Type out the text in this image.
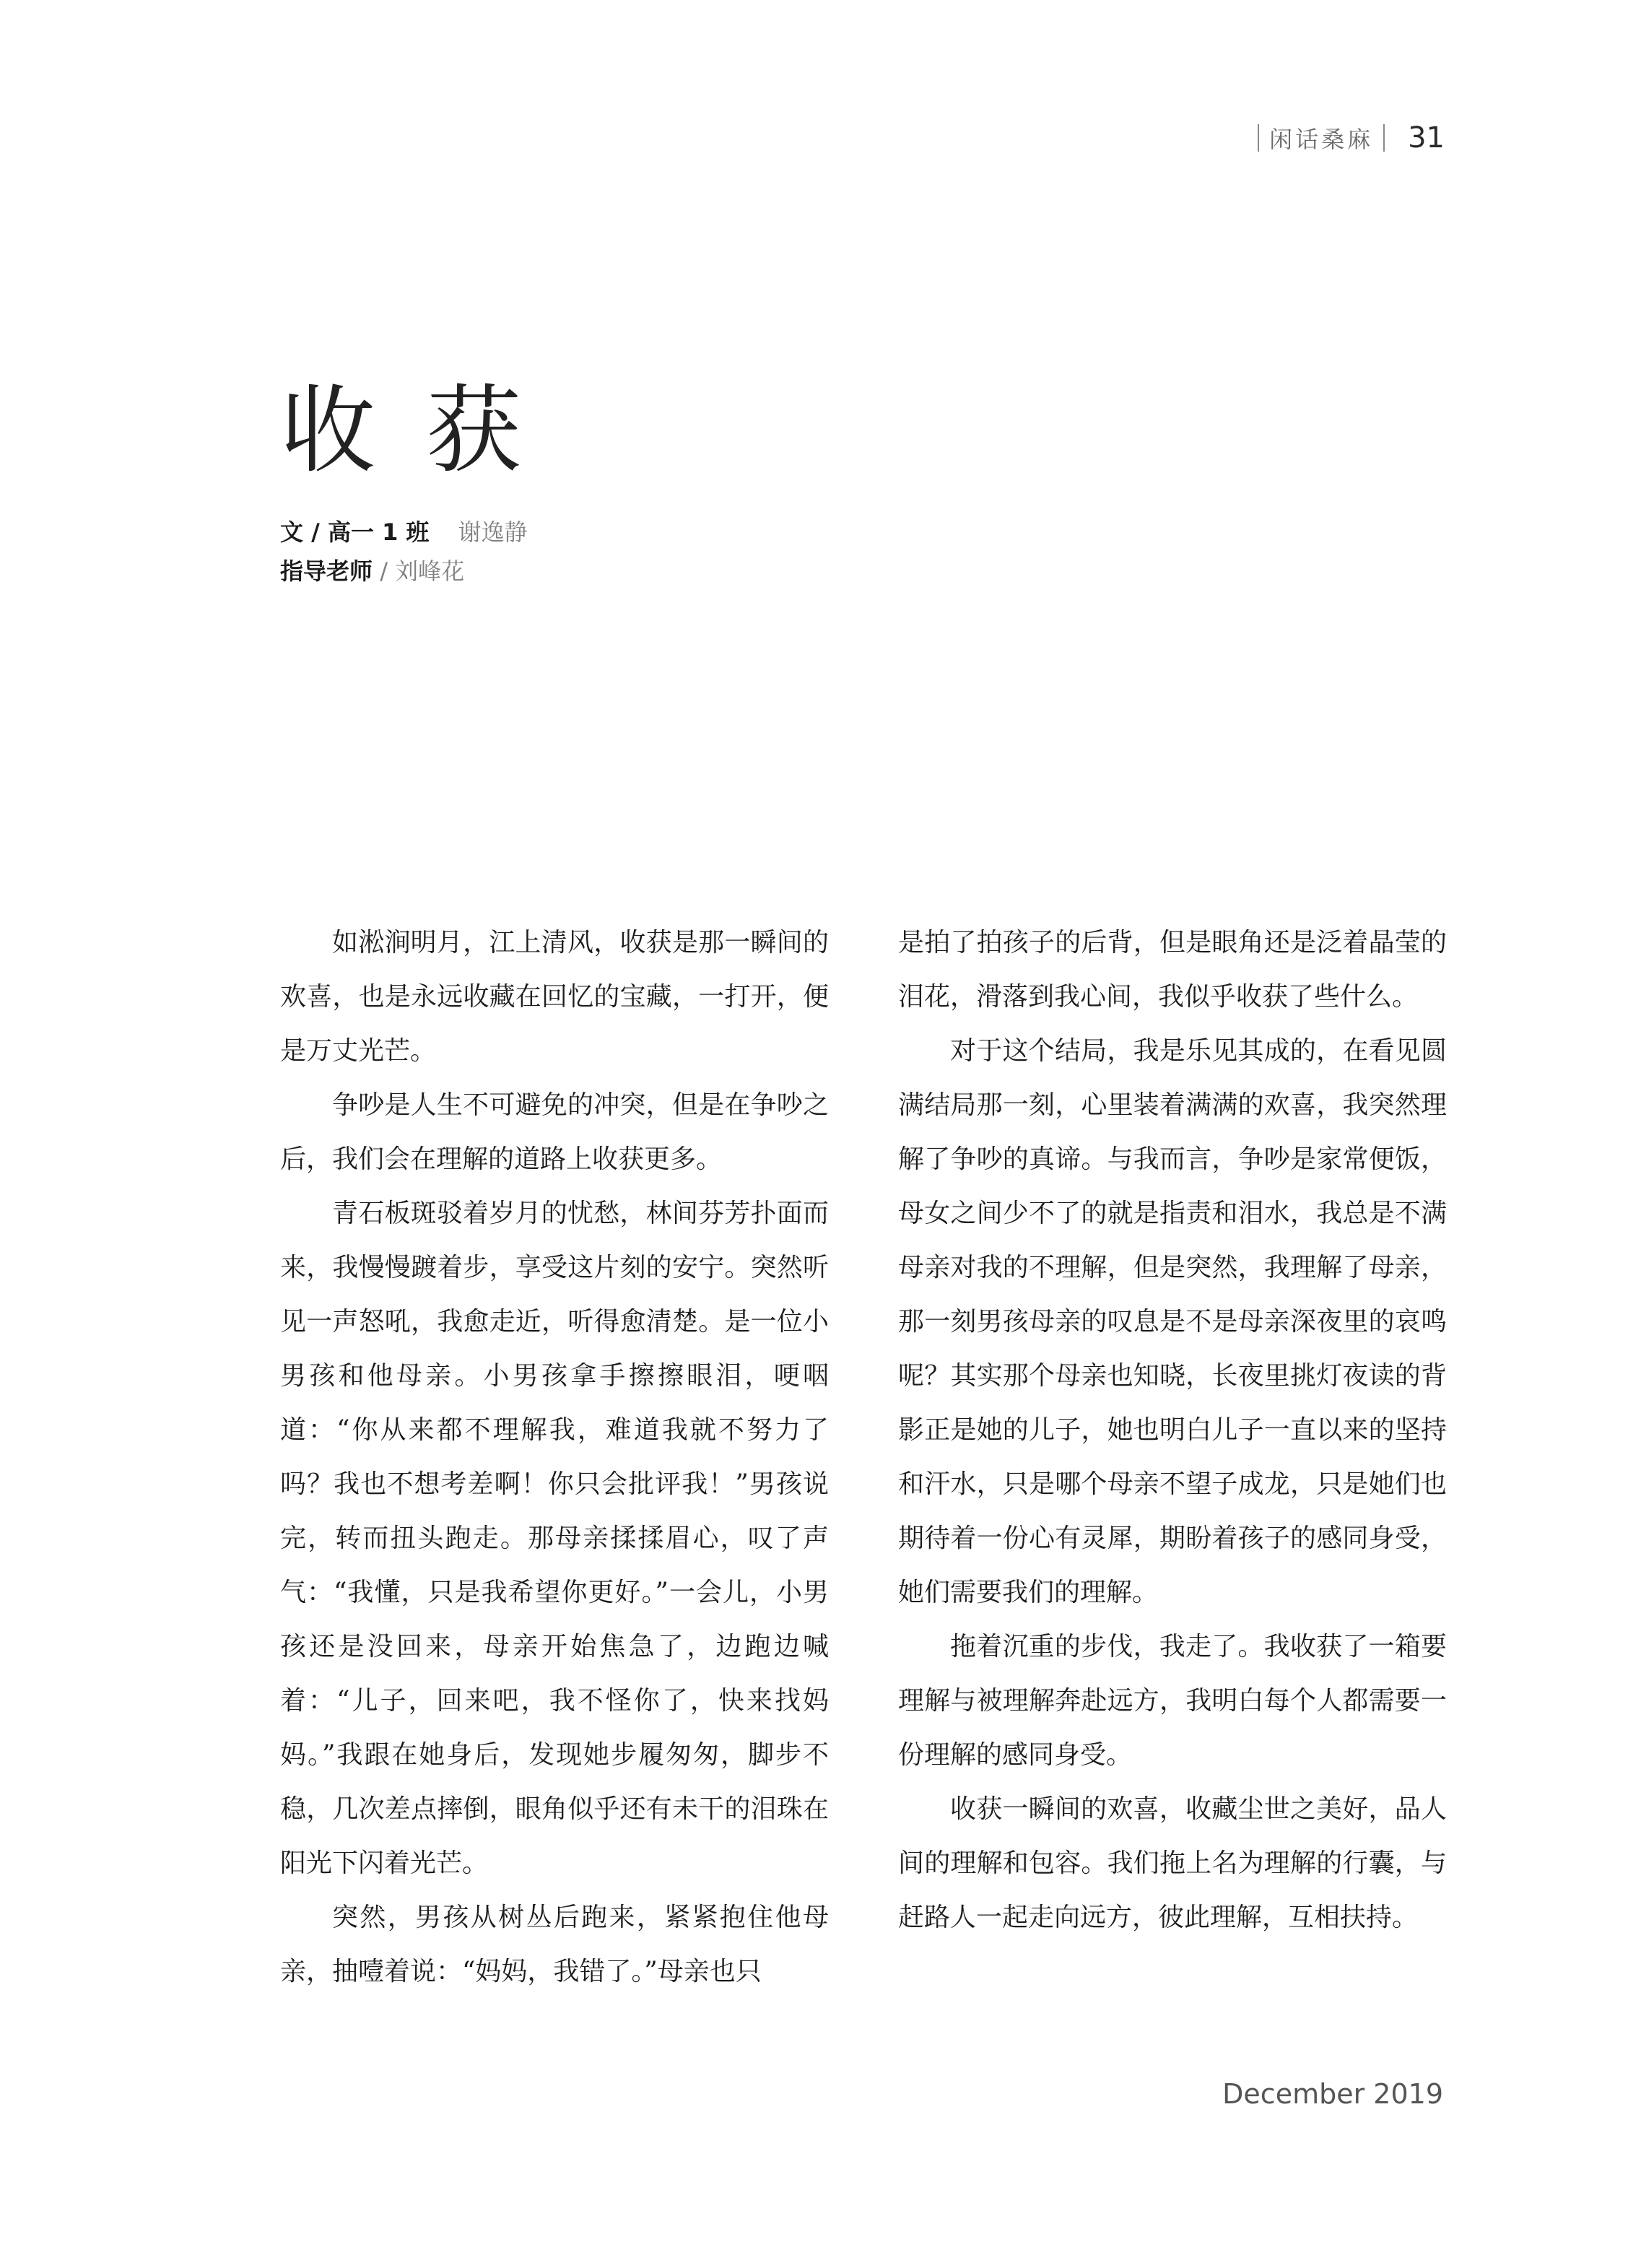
闲话桑麻 31
收获
文 / 高一 1 班 谢逸静
指导老师 / 刘峰花

如淞涧明月，江上清风，收获是那一瞬间的欢喜，也是永远收藏在回忆的宝藏，一打开，便是万丈光芒。

争吵是人生不可避免的冲突，但是在争吵之后，我们会在理解的道路上收获更多。

青石板斑驳着岁月的忧愁，林间芬芳扑面而来，我慢慢踱着步，享受这片刻的安宁。突然听见一声怒吼，我愈走近，听得愈清楚。是一位小男孩和他母亲。小男孩拿手擦擦眼泪，哽咽道：“你从来都不理解我，难道我就不努力了吗？我也不想考差啊！你只会批评我！”男孩说完，转而扭头跑走。那母亲揉揉眉心，叹了声气：“我懂，只是我希望你更好。”一会儿，小男孩还是没回来，母亲开始焦急了，边跑边喊着：“儿子，回来吧，我不怪你了，快来找妈妈。”我跟在她身后，发现她步履匆匆，脚步不稳，几次差点摔倒，眼角似乎还有未干的泪珠在阳光下闪着光芒。

突然，男孩从树丛后跑来，紧紧抱住他母亲，抽噎着说：“妈妈，我错了。”母亲也只

是拍了拍孩子的后背，但是眼角还是泛着晶莹的泪花，滑落到我心间，我似乎收获了些什么。

对于这个结局，我是乐见其成的，在看见圆满结局那一刻，心里装着满满的欢喜，我突然理解了争吵的真谛。与我而言，争吵是家常便饭，母女之间少不了的就是指责和泪水，我总是不满母亲对我的不理解，但是突然，我理解了母亲，那一刻男孩母亲的叹息是不是母亲深夜里的哀鸣呢？其实那个母亲也知晓，长夜里挑灯夜读的背影正是她的儿子，她也明白儿子一直以来的坚持和汗水，只是哪个母亲不望子成龙，只是她们也期待着一份心有灵犀，期盼着孩子的感同身受，她们需要我们的理解。

拖着沉重的步伐，我走了。我收获了一箱要理解与被理解奔赴远方，我明白每个人都需要一份理解的感同身受。

收获一瞬间的欢喜，收藏尘世之美好，品人间的理解和包容。我们拖上名为理解的行囊，与赶路人一起走向远方，彼此理解，互相扶持。

December 2019
